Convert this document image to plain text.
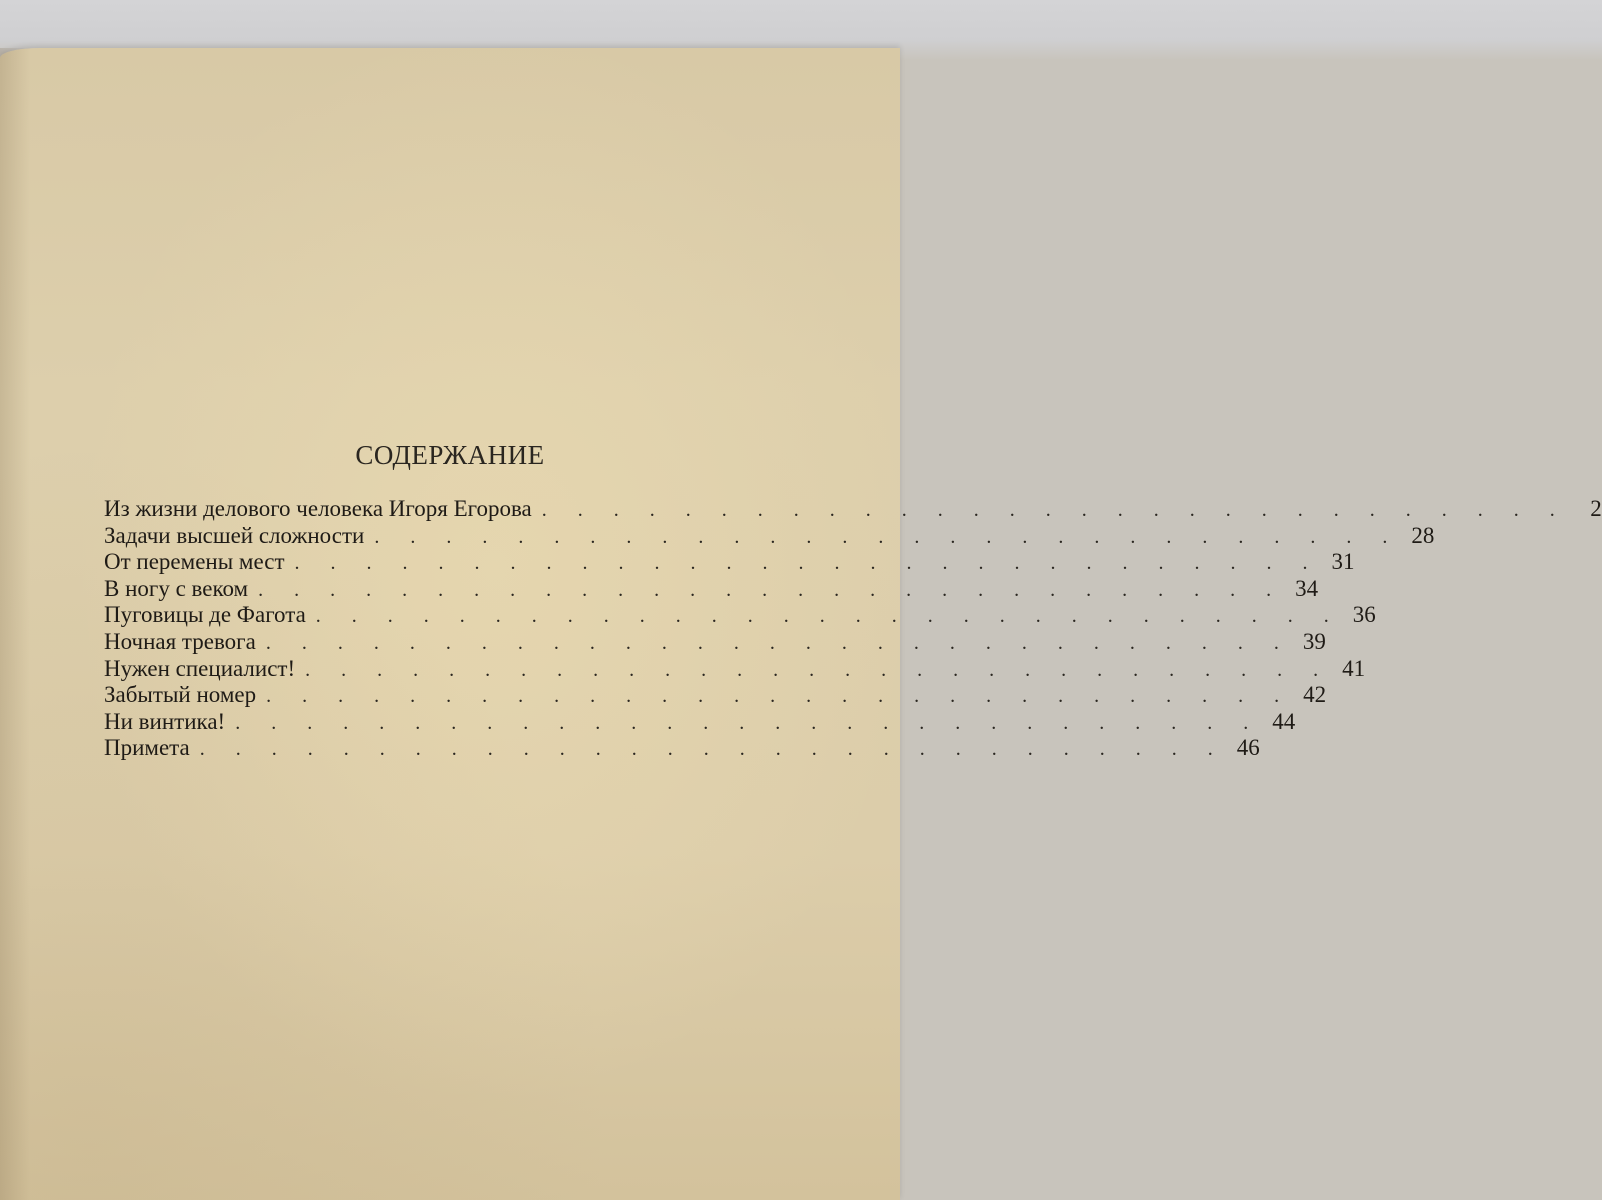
СОДЕРЖАНИЕ
Из жизни делового человека Игоря Егорова . . . . . . . . . . . . . . . . . . . . . . . . . . . . . 2
Задачи высшей сложности . . . . . . . . . . . . . . . . . . . . . . . . . . . . . 28
От перемены мест . . . . . . . . . . . . . . . . . . . . . . . . . . . . . 31
В ногу с веком . . . . . . . . . . . . . . . . . . . . . . . . . . . . . 34
Пуговицы де Фагота . . . . . . . . . . . . . . . . . . . . . . . . . . . . . 36
Ночная тревога . . . . . . . . . . . . . . . . . . . . . . . . . . . . . 39
Нужен специалист! . . . . . . . . . . . . . . . . . . . . . . . . . . . . . 41
Забытый номер . . . . . . . . . . . . . . . . . . . . . . . . . . . . . 42
Ни винтика! . . . . . . . . . . . . . . . . . . . . . . . . . . . . . 44
Примета . . . . . . . . . . . . . . . . . . . . . . . . . . . . . 46
